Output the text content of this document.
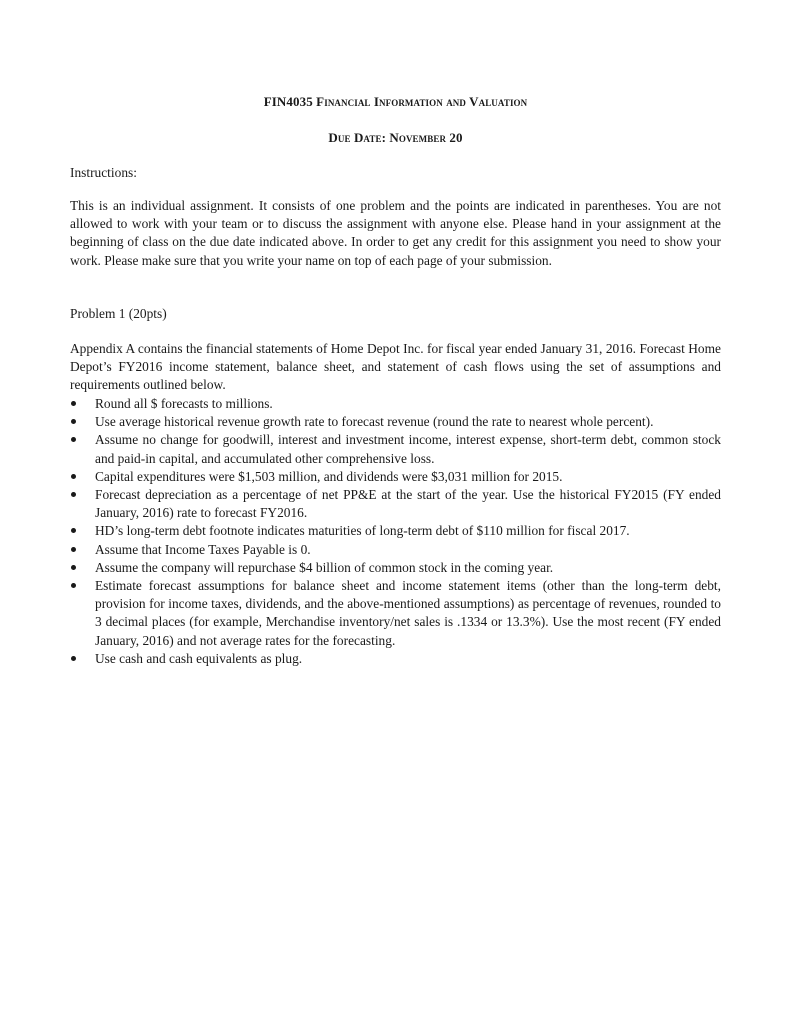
FIN4035 Financial Information and Valuation
Due Date: November 20
Instructions:
This is an individual assignment. It consists of one problem and the points are indicated in parentheses. You are not allowed to work with your team or to discuss the assignment with anyone else. Please hand in your assignment at the beginning of class on the due date indicated above. In order to get any credit for this assignment you need to show your work. Please make sure that you write your name on top of each page of your submission.
Problem 1 (20pts)
Appendix A contains the financial statements of Home Depot Inc. for fiscal year ended January 31, 2016. Forecast Home Depot’s FY2016 income statement, balance sheet, and statement of cash flows using the set of assumptions and requirements outlined below.
Round all $ forecasts to millions.
Use average historical revenue growth rate to forecast revenue (round the rate to nearest whole percent).
Assume no change for goodwill, interest and investment income, interest expense, short-term debt, common stock and paid-in capital, and accumulated other comprehensive loss.
Capital expenditures were $1,503 million, and dividends were $3,031 million for 2015.
Forecast depreciation as a percentage of net PP&E at the start of the year. Use the historical FY2015 (FY ended January, 2016) rate to forecast FY2016.
HD’s long-term debt footnote indicates maturities of long-term debt of $110 million for fiscal 2017.
Assume that Income Taxes Payable is 0.
Assume the company will repurchase $4 billion of common stock in the coming year.
Estimate forecast assumptions for balance sheet and income statement items (other than the long-term debt, provision for income taxes, dividends, and the above-mentioned assumptions) as percentage of revenues, rounded to 3 decimal places (for example, Merchandise inventory/net sales is .1334 or 13.3%). Use the most recent (FY ended January, 2016) and not average rates for the forecasting.
Use cash and cash equivalents as plug.
